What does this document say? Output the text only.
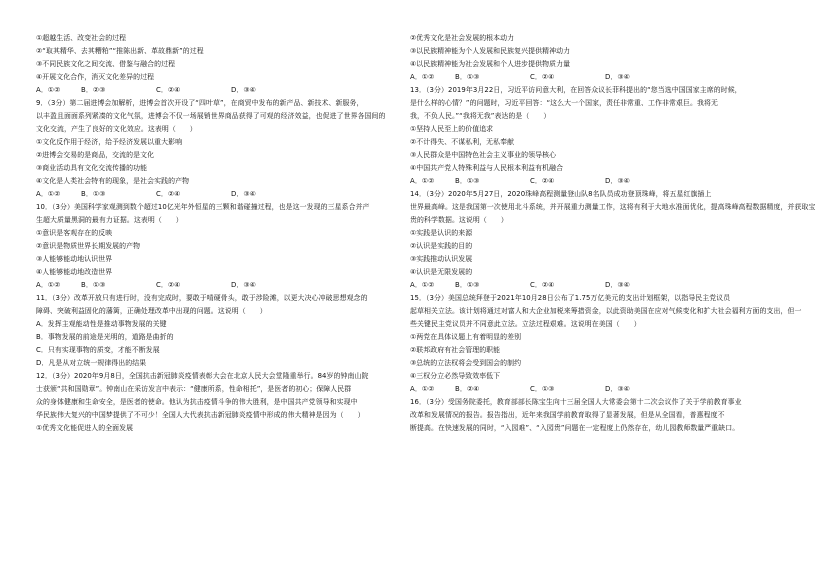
①超越生活、改变社会的过程
②“取其精华、去其糟粕”“推陈出新、革故鼎新”的过程
③不同民族文化之间交流、借鉴与融合的过程
④开展文化合作，消灭文化差异的过程
A．①②	B．②③	C．②④	D．③④
9．（3分）第二届进博会加解析，进博会首次开设了“四叶草”，在商贸中发布的新产品、新技术、新服务，
以丰盈且面面系列紧凑的文化气氛，进博会不仅一场展销世界商品获得了可观的经济效益，也促进了世界各国间的
文化交流，产生了良好的文化效应。这表明（　　）
①文化反作用于经济，给予经济发展以重大影响
②进博会交易的是商品，交流的是文化
③商业活动具有文化交流传播的功能
④文化是人类社会特有的现象，是社会实践的产物
A．①②	B．①③	C．②④	D．③④
10．（3分）美国科学家观测到数个超过10亿光年外恒星的三颗和谐碰撞过程，也是这一发现的三星系合并产
生超大质量黑洞的最有力证据。这表明（　　）
①意识是客观存在的反映
②意识是物质世界长期发展的产物
③人能够能动地认识世界
④人能够能动地改造世界
A．①②	B．①③	C．②④	D．③④
11．（3分）改革开放只有进行时，没有完成时，要敢于啃硬骨头，敢于涉险滩，以更大决心冲破思想观念的
障碍、突破利益固化的藩篱，正确处理改革中出现的问题。这说明（　　）
A．发挥主观能动性是推动事物发展的关键
B．事物发展的前途是光明的，道路是曲折的
C．只有实现事物的质变，才能不断发展
D．凡是从对立统一规律得出的结果
12．（3分）2020年9月8日，全国抗击新冠肺炎疫情表彰大会在北京人民大会堂隆重举行。84岁的钟南山院
士获颁“共和国勋章”。钟南山在采访发言中表示：“健康所系，性命相托”，是医者的初心；保障人民群
众的身体健康和生命安全，是医者的使命。他认为抗击疫情斗争的伟大胜利，是中国共产党领导和实现中
华民族伟大复兴的中国梦提供了不可少！全国人大代表抗击新冠肺炎疫情中形成的伟大精神是因为（　　）
①优秀文化能促进人的全面发展
②优秀文化是社会发展的根本动力
③以民族精神能为个人发展和民族复兴提供精神动力
④以民族精神能为社会发展和个人进步提供物质力量
A．①②	B．①③	C．②④	D．③④
13．（3分）2019年3月22日，习近平访问意大利，在回答众议长菲科提出的“您当选中国国家主席的时候，
是什么样的心情？”的问题时，习近平回答：“这么大一个国家，责任非常重、工作非常艰巨。我将无
我，不负人民。”“我将无我”表达的是（　　）
①坚持人民至上的价值追求
②不计得失、不谋私利，无私奉献
③人民群众是中国特色社会主义事业的领导核心
④中国共产党人特殊利益与人民根本利益有机融合
A．①②	B．①③	C．②④	D．③④
14．（3分）2020年5月27日，2020珠峰高程测量登山队8名队员成功登顶珠峰，将五星红旗插上
世界最高峰。这是我国第一次使用北斗系统，并开展重力测量工作，这将有利于大地水准面优化，提高珠峰高程数据精度，并获取宝
贵的科学数据。这说明（　　）
①实践是认识的来源
②认识是实践的目的
③实践推动认识发展
④认识是无限发展的
A．①②	B．①③	C．②④	D．③④
15．（3分）美国总统拜登于2021年10月28日公布了1.75万亿美元的支出计划框架，以指导民主党议员
起草相关立法。该计划将通过对富人和大企业加税来筹措资金，以此资助美国在应对气候变化和扩大社会福利方面的支出，但一
些关键民主党议员并不同意此立法。立法过程艰难。这说明在美国（　　）
①两党在具体议题上有着明显的差别
②联邦政府有社会管理的职能
③总统的立法权将会受到国会的制约
④三权分立必然导致效率低下
A．①②	B．②④	C．①③	D．③④
16．（3分）受国务院委托，教育部部长陈宝生向十三届全国人大常委会第十二次会议作了关于学前教育事业
改革和发展情况的报告。报告指出，近年来我国学前教育取得了显著发展，但是从全国看，普惠程度不
断提高。在快速发展的同时，“入园难”、“入园贵”问题在一定程度上仍然存在，幼儿园教师数量严重缺口。
